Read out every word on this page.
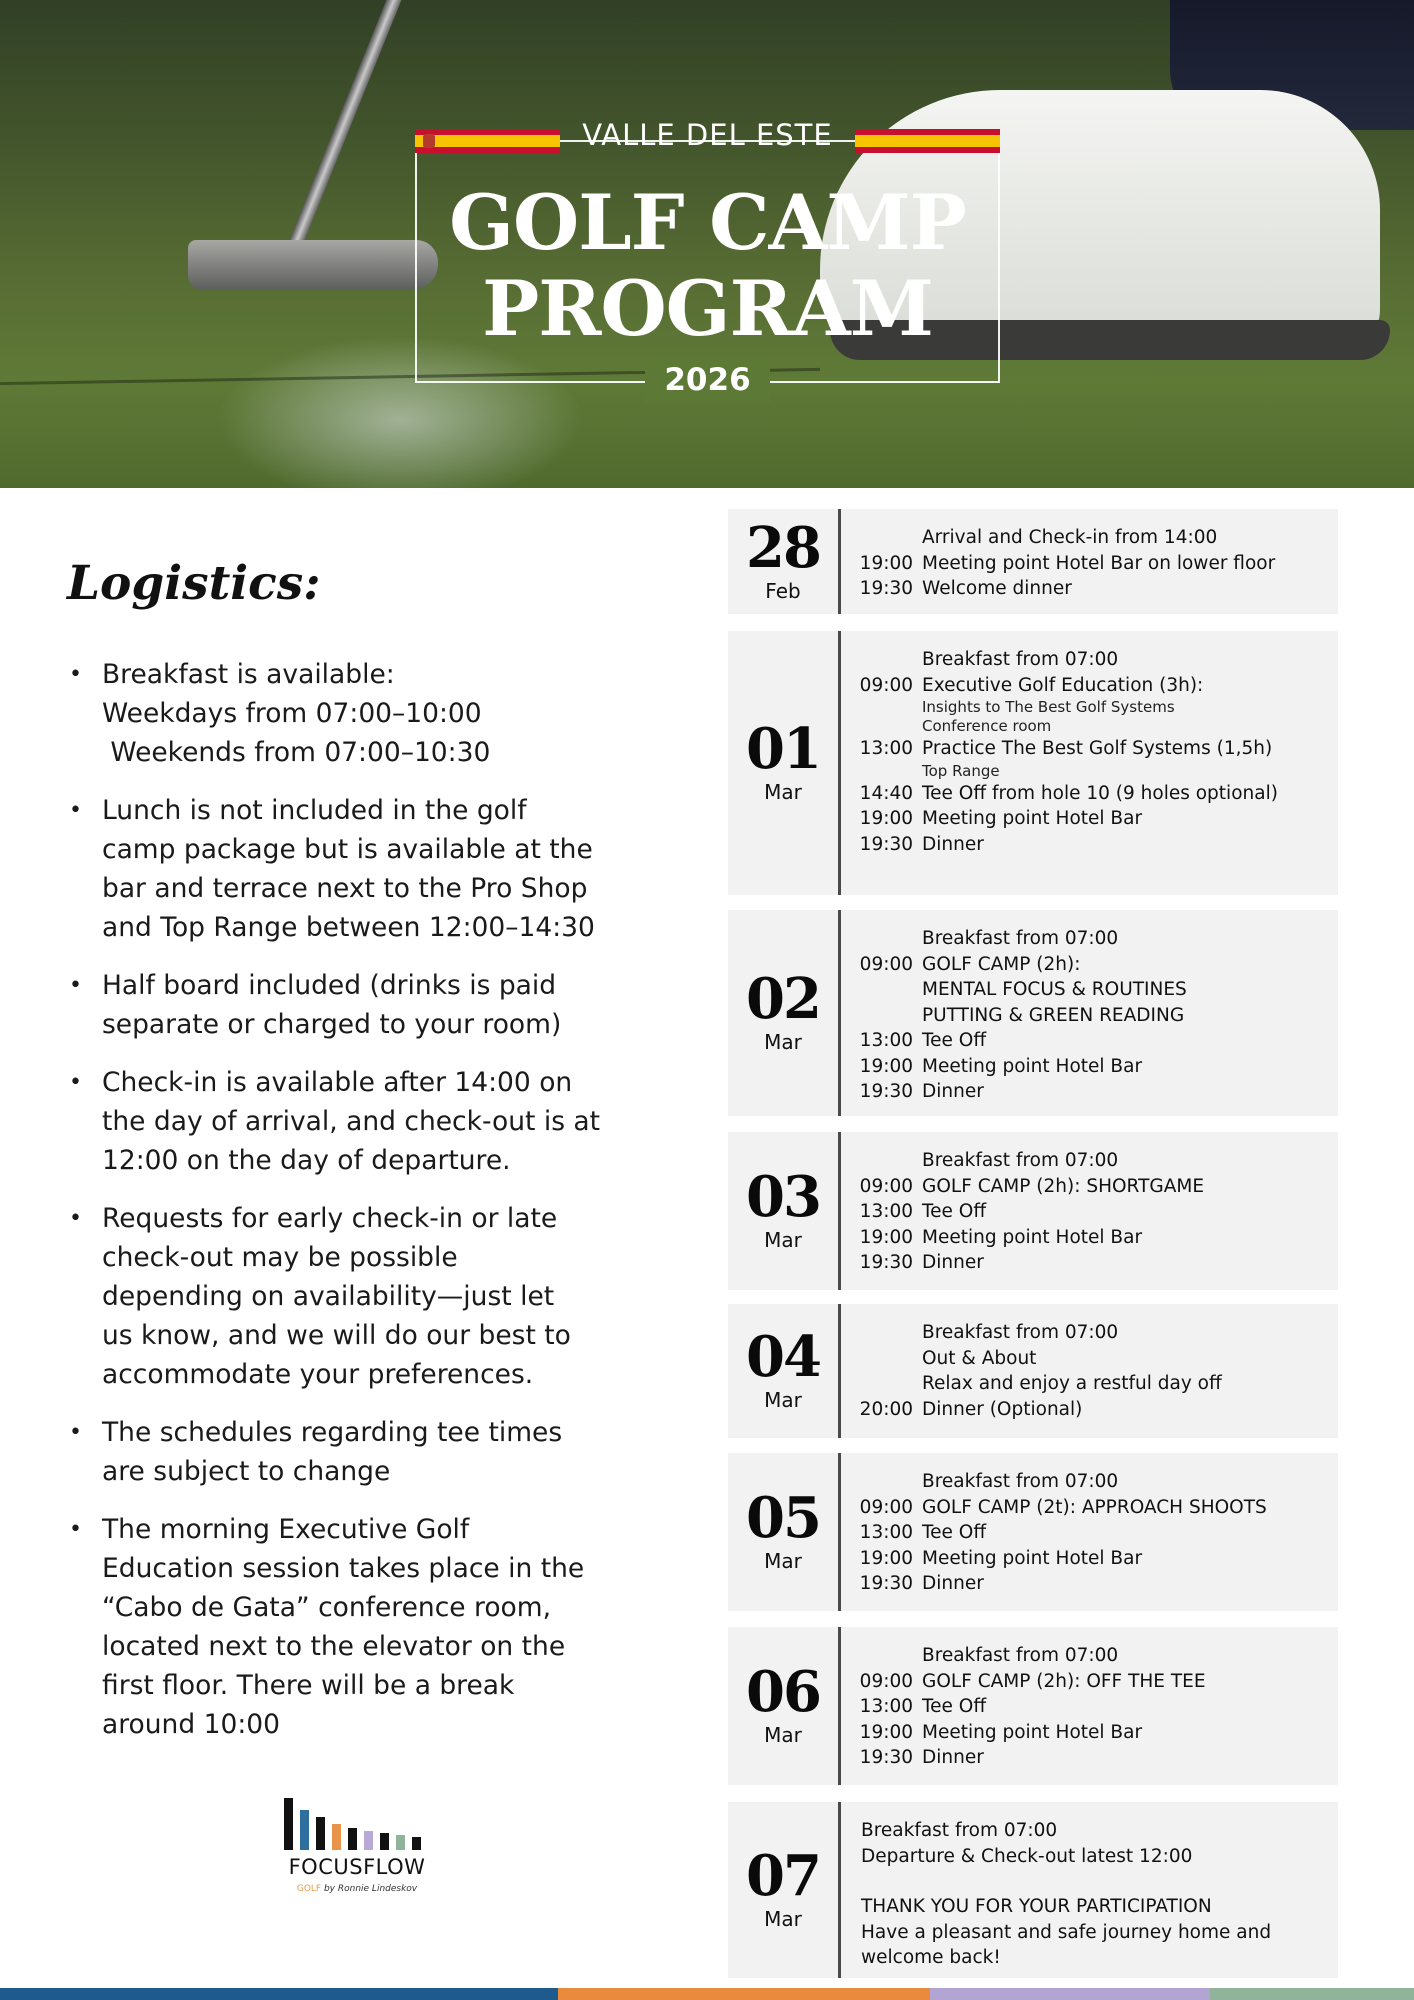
VALLE DEL ESTE
GOLF CAMP
PROGRAM
2026
Logistics:
• Breakfast is available:
Weekdays from 07:00–10:00
Weekends from 07:00–10:30
• Lunch is not included in the golf
camp package but is available at the
bar and terrace next to the Pro Shop
and Top Range between 12:00–14:30
• Half board included (drinks is paid
separate or charged to your room)
• Check-in is available after 14:00 on
the day of arrival, and check-out is at
12:00 on the day of departure.
• Requests for early check-in or late
check-out may be possible
depending on availability—just let
us know, and we will do our best to
accommodate your preferences.
• The schedules regarding tee times
are subject to change
• The morning Executive Golf
Education session takes place in the
“Cabo de Gata” conference room,
located next to the elevator on the
first floor. There will be a break
around 10:00
FOCUSFLOW
GOLF by Ronnie Lindeskov
28
Feb
Arrival and Check-in from 14:00
19:00 Meeting point Hotel Bar on lower floor
19:30 Welcome dinner
01
Mar
Breakfast from 07:00
09:00 Executive Golf Education (3h):
Insights to The Best Golf Systems
Conference room
13:00 Practice The Best Golf Systems (1,5h)
Top Range
14:40 Tee Off from hole 10 (9 holes optional)
19:00 Meeting point Hotel Bar
19:30 Dinner
02
Mar
Breakfast from 07:00
09:00 GOLF CAMP (2h):
MENTAL FOCUS & ROUTINES
PUTTING & GREEN READING
13:00 Tee Off
19:00 Meeting point Hotel Bar
19:30 Dinner
03
Mar
Breakfast from 07:00
09:00 GOLF CAMP (2h): SHORTGAME
13:00 Tee Off
19:00 Meeting point Hotel Bar
19:30 Dinner
04
Mar
Breakfast from 07:00
Out & About
Relax and enjoy a restful day off
20:00 Dinner (Optional)
05
Mar
Breakfast from 07:00
09:00 GOLF CAMP (2t): APPROACH SHOOTS
13:00 Tee Off
19:00 Meeting point Hotel Bar
19:30 Dinner
06
Mar
Breakfast from 07:00
09:00 GOLF CAMP (2h): OFF THE TEE
13:00 Tee Off
19:00 Meeting point Hotel Bar
19:30 Dinner
07
Mar
Breakfast from 07:00
Departure & Check-out latest 12:00
THANK YOU FOR YOUR PARTICIPATION
Have a pleasant and safe journey home and
welcome back!
